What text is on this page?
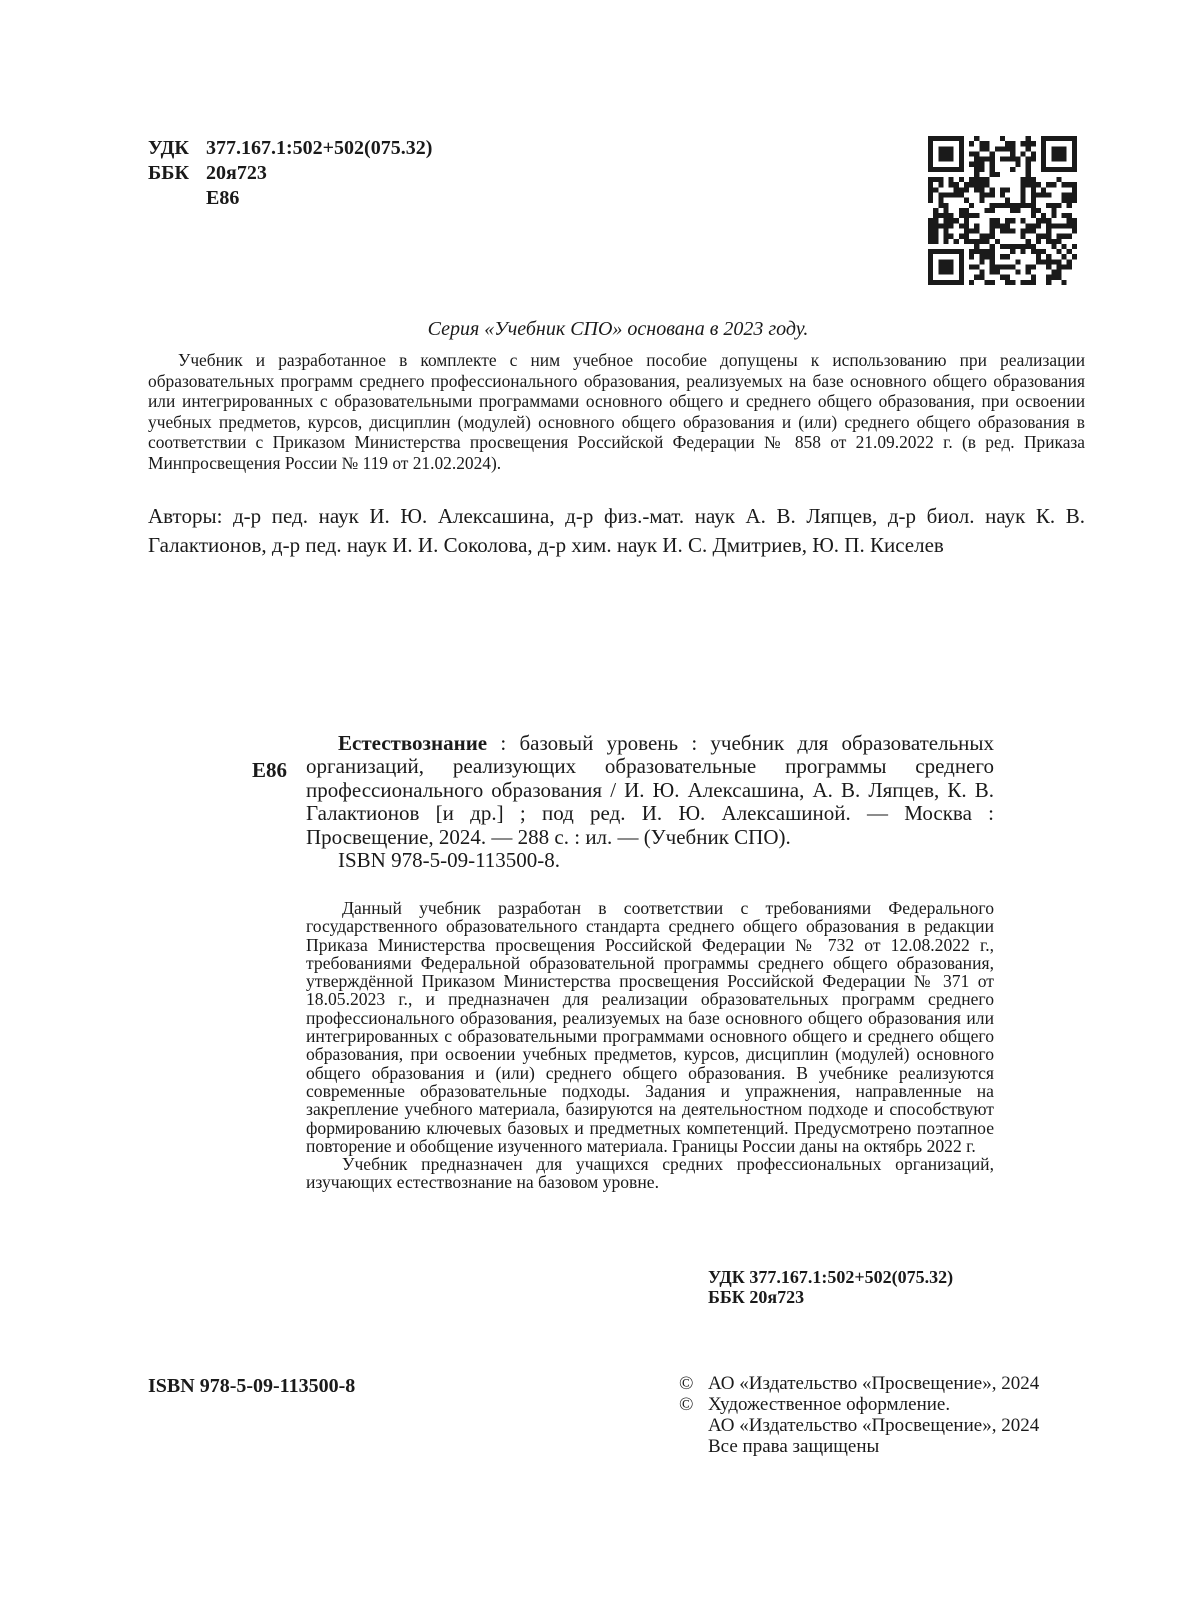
УДК 377.167.1:502+502(075.32)
ББК 20я723
Е86
Серия «Учебник СПО» основана в 2023 году.

Учебник и разработанное в комплекте с ним учебное пособие допущены к использованию при реализации образовательных программ среднего профессионального образования, реализуемых на базе основного общего образования или интегрированных с образовательными программами основного общего и среднего общего образования, при освоении учебных предметов, курсов, дисциплин (модулей) основного общего образования и (или) среднего общего образования в соответствии с Приказом Министерства просвещения Российской Федерации № 858 от 21.09.2022 г. (в ред. Приказа Минпросвещения России № 119 от 21.02.2024).

Авторы: д-р пед. наук И. Ю. Алексашина, д-р физ.-мат. наук А. В. Ляпцев, д-р биол. наук К. В. Галактионов, д-р пед. наук И. И. Соколова, д-р хим. наук И. С. Дмитриев, Ю. П. Киселев
Е86

Естествознание : базовый уровень : учебник для образовательных организаций, реализующих образовательные программы среднего профессионального образования / И. Ю. Алексашина, А. В. Ляпцев, К. В. Галактионов [и др.] ; под ред. И. Ю. Алексашиной. — Москва : Просвещение, 2024. — 288 с. : ил. — (Учебник СПО).

ISBN 978-5-09-113500-8.

Данный учебник разработан в соответствии с требованиями Федерального государственного образовательного стандарта среднего общего образования в редакции Приказа Министерства просвещения Российской Федерации № 732 от 12.08.2022 г., требованиями Федеральной образовательной программы среднего общего образования, утверждённой Приказом Министерства просвещения Российской Федерации № 371 от 18.05.2023 г., и предназначен для реализации образовательных программ среднего профессионального образования, реализуемых на базе основного общего образования или интегрированных с образовательными программами основного общего и среднего общего образования, при освоении учебных предметов, курсов, дисциплин (модулей) основного общего образования и (или) среднего общего образования. В учебнике реализуются современные образовательные подходы. Задания и упражнения, направленные на закрепление учебного материала, базируются на деятельностном подходе и способствуют формированию ключевых базовых и предметных компетенций. Предусмотрено поэтапное повторение и обобщение изученного материала. Границы России даны на октябрь 2022 г.

Учебник предназначен для учащихся средних профессиональных организаций, изучающих естествознание на базовом уровне.

УДК 377.167.1:502+502(075.32)
ББК 20я723
ISBN 978-5-09-113500-8	© АО «Издательство «Просвещение», 2024
© Художественное оформление.
АО «Издательство «Просвещение», 2024
Все права защищены
